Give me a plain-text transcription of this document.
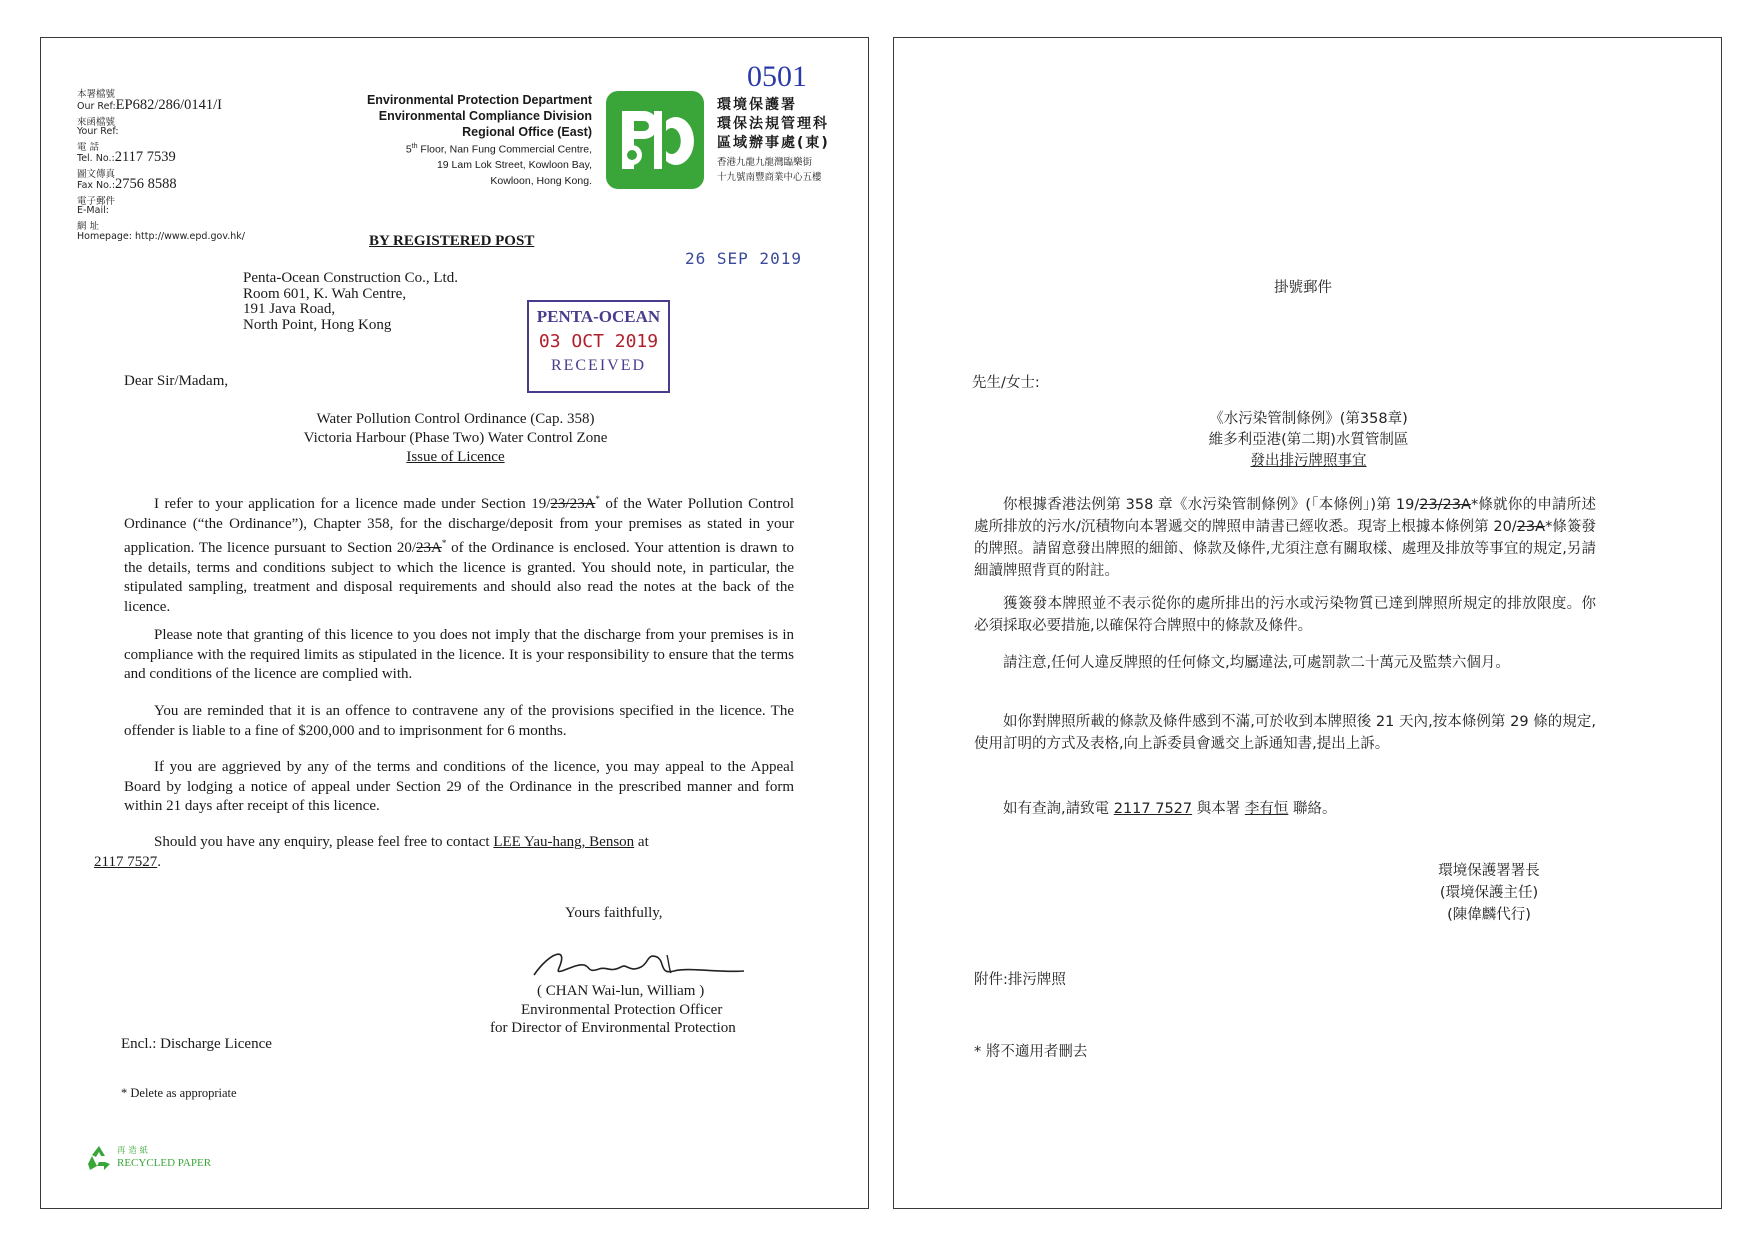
本署檔號
Our Ref:EP682/286/0141/I
來函檔號
Your Ref:
電 話
Tel. No.:2117 7539
圖文傳真
Fax No.:2756 8588
電子郵件
E-Mail:
網 址
Homepage: http://www.epd.gov.hk/
Environmental Protection Department
Environmental Compliance Division
Regional Office (East)
5th Floor, Nan Fung Commercial Centre,
19 Lam Lok Street, Kowloon Bay,
Kowloon, Hong Kong.
0501
環境保護署
環保法規管理科
區域辦事處(東)
香港九龍九龍灣臨樂街
十九號南豐商業中心五樓
BY REGISTERED POST
26 SEP 2019
Penta-Ocean Construction Co., Ltd.
Room 601, K. Wah Centre,
191 Java Road,
North Point, Hong Kong	PENTA-OCEAN
03 OCT 2019
RECEIVED
Dear Sir/Madam,
Water Pollution Control Ordinance (Cap. 358)
Victoria Harbour (Phase Two) Water Control Zone
Issue of Licence
I refer to your application for a licence made under Section 19/23/23A* of the Water Pollution Control Ordinance (“the Ordinance”), Chapter 358, for the discharge/deposit from your premises as stated in your application. The licence pursuant to Section 20/23A* of the Ordinance is enclosed. Your attention is drawn to the details, terms and conditions subject to which the licence is granted. You should note, in particular, the stipulated sampling, treatment and disposal requirements and should also read the notes at the back of the licence.
Please note that granting of this licence to you does not imply that the discharge from your premises is in compliance with the required limits as stipulated in the licence. It is your responsibility to ensure that the terms and conditions of the licence are complied with.
You are reminded that it is an offence to contravene any of the provisions specified in the licence. The offender is liable to a fine of $200,000 and to imprisonment for 6 months.
If you are aggrieved by any of the terms and conditions of the licence, you may appeal to the Appeal Board by lodging a notice of appeal under Section 29 of the Ordinance in the prescribed manner and form within 21 days after receipt of this licence.
Should you have any enquiry, please feel free to contact LEE Yau-hang, Benson at
2117 7527.
Yours faithfully,
( CHAN Wai-lun, William )
Environmental Protection Officer
for Director of Environmental Protection
Encl.: Discharge Licence
* Delete as appropriate
再 造 紙
RECYCLED PAPER
掛號郵件
先生/女士:
《水污染管制條例》(第358章)
維多利亞港(第二期)水質管制區
發出排污牌照事宜
你根據香港法例第 358 章《水污染管制條例》(「本條例」)第 19/23/23A*條就你的申請所述處所排放的污水/沉積物向本署遞交的牌照申請書已經收悉。現寄上根據本條例第 20/23A*條簽發的牌照。請留意發出牌照的細節、條款及條件,尤須注意有關取樣、處理及排放等事宜的規定,另請細讀牌照背頁的附註。
獲簽發本牌照並不表示從你的處所排出的污水或污染物質已達到牌照所規定的排放限度。你必須採取必要措施,以確保符合牌照中的條款及條件。
請注意,任何人違反牌照的任何條文,均屬違法,可處罰款二十萬元及監禁六個月。
如你對牌照所載的條款及條件感到不滿,可於收到本牌照後 21 天內,按本條例第 29 條的規定,使用訂明的方式及表格,向上訴委員會遞交上訴通知書,提出上訴。
如有查詢,請致電 2117 7527 與本署 李有恒 聯絡。
環境保護署署長
(環境保護主任)
(陳偉麟代行)
附件:排污牌照
* 將不適用者刪去
